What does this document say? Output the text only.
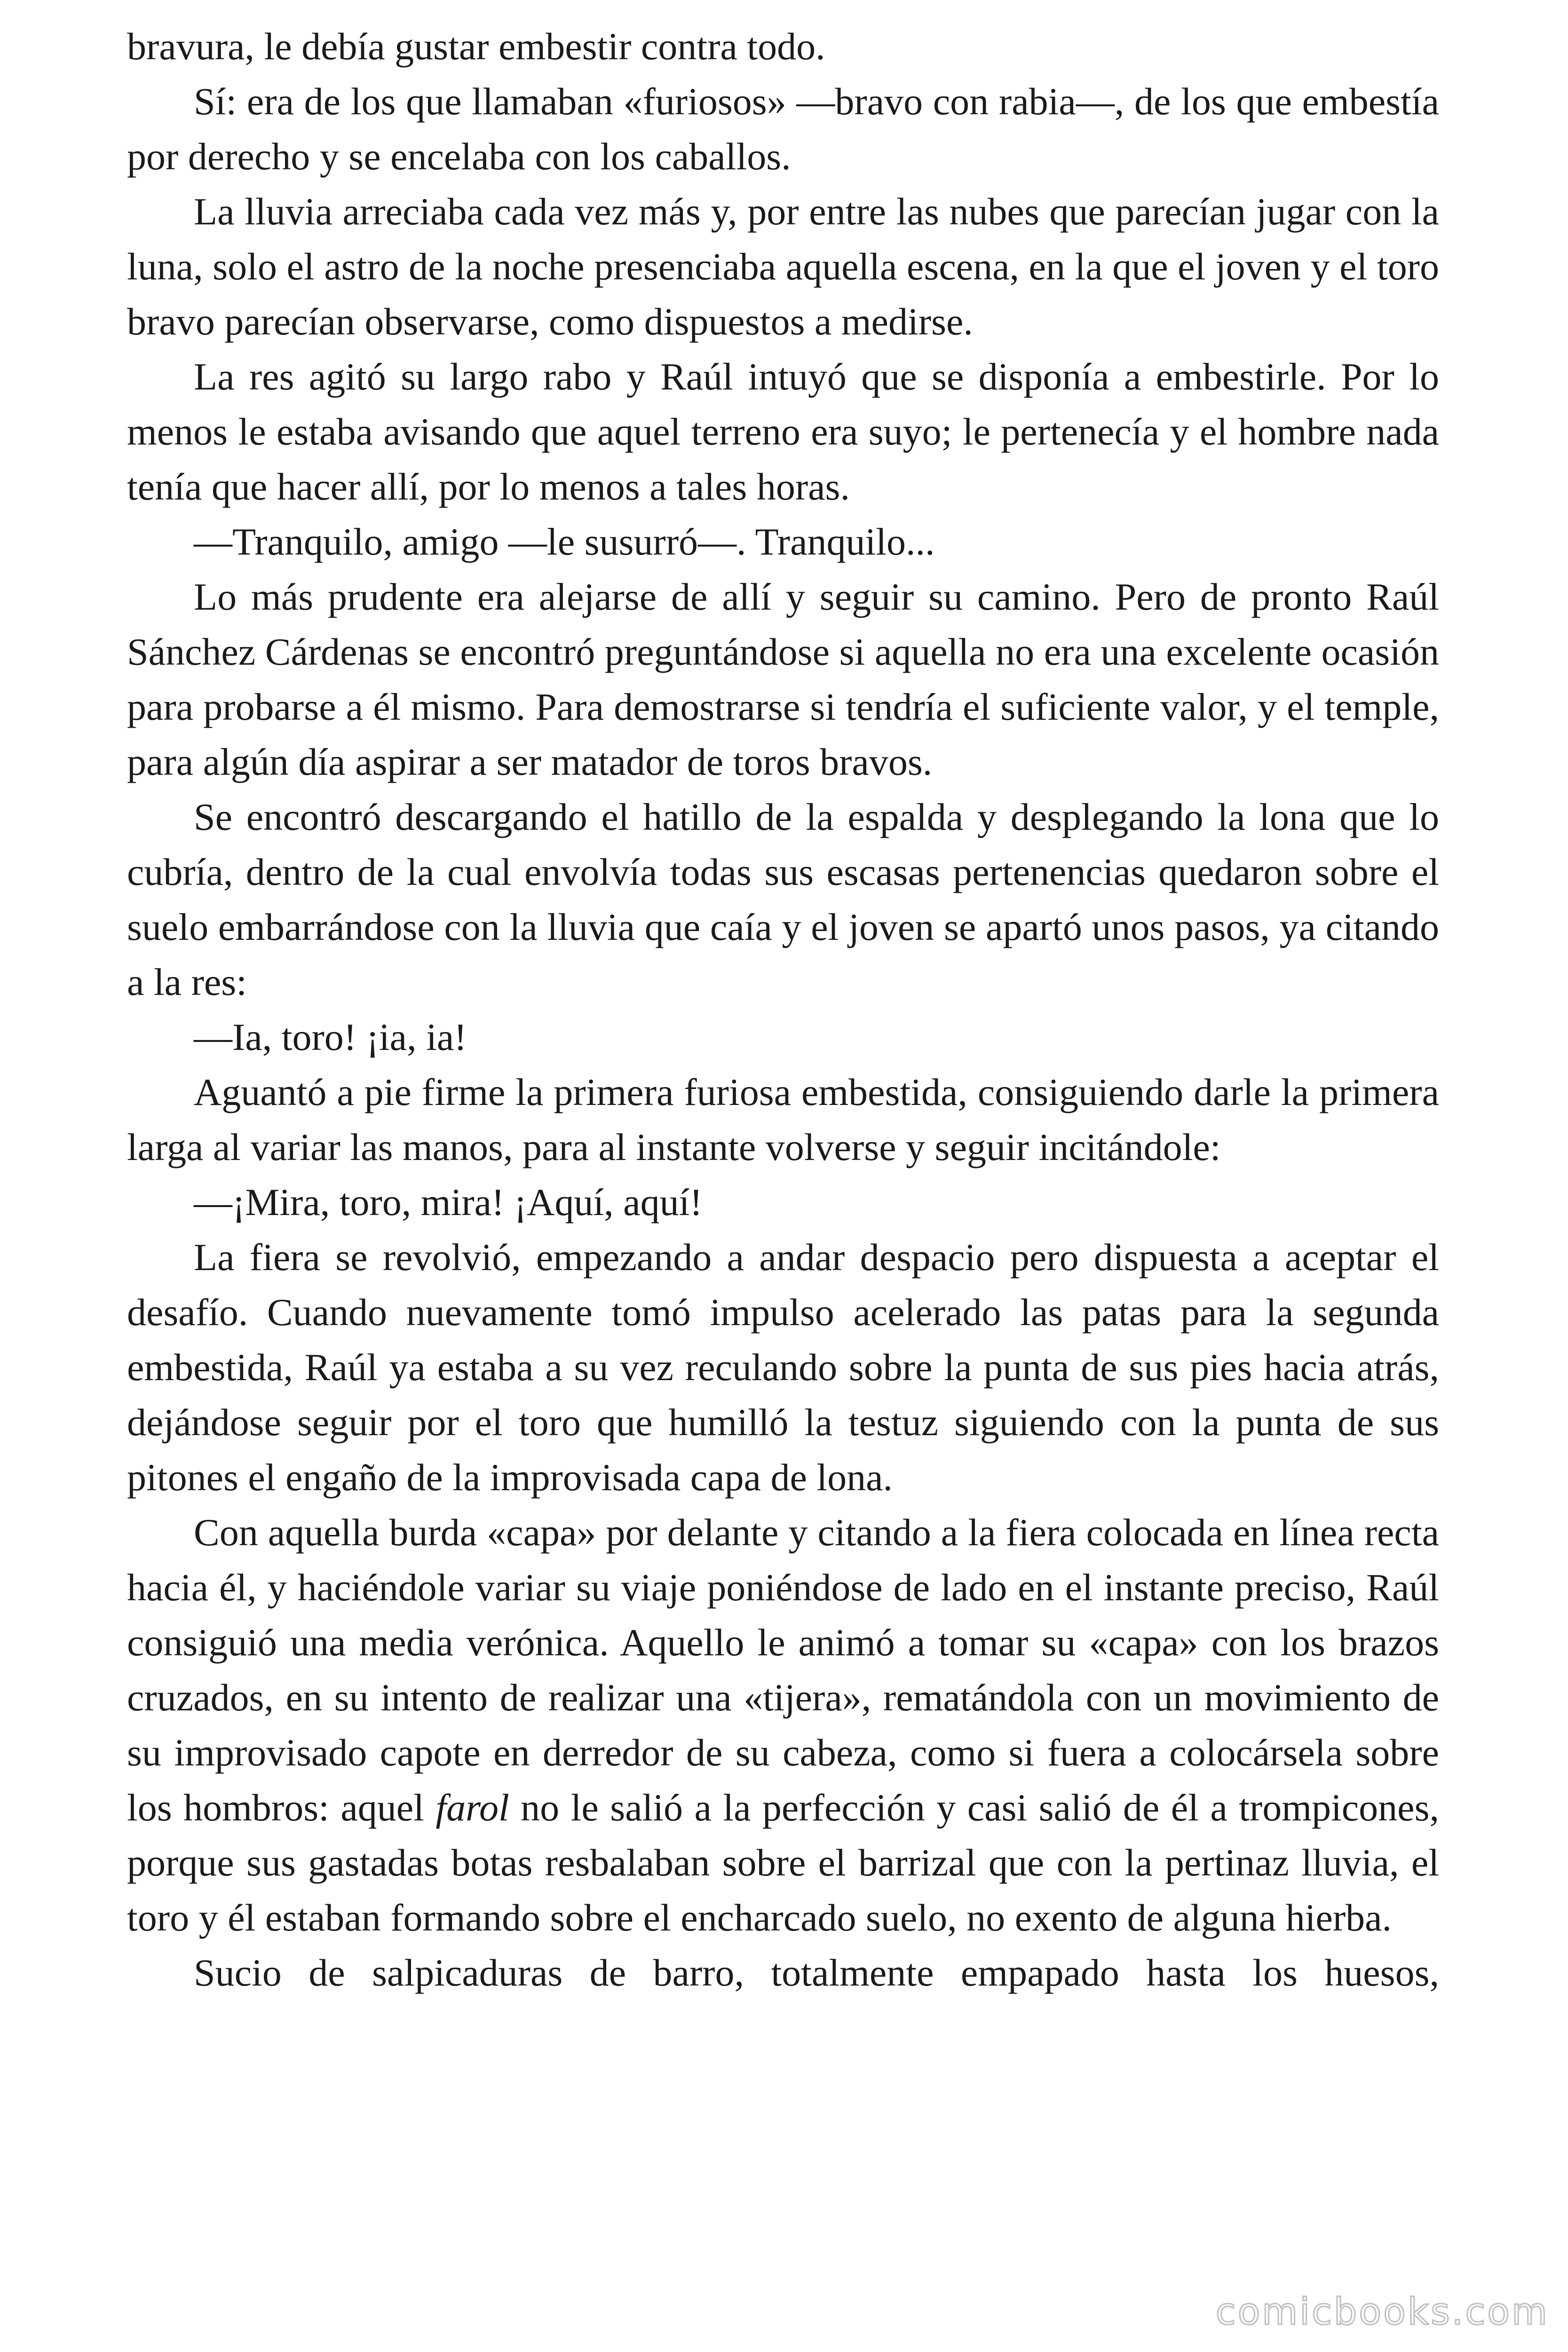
bravura, le debía gustar embestir contra todo.

Sí: era de los que llamaban «furiosos» —bravo con rabia—, de los que embestía por derecho y se encelaba con los caballos.

La lluvia arreciaba cada vez más y, por entre las nubes que parecían jugar con la luna, solo el astro de la noche presenciaba aquella escena, en la que el joven y el toro bravo parecían observarse, como dispuestos a medirse.

La res agitó su largo rabo y Raúl intuyó que se disponía a embestirle. Por lo menos le estaba avisando que aquel terreno era suyo; le pertenecía y el hombre nada tenía que hacer allí, por lo menos a tales horas.

—Tranquilo, amigo —le susurró—. Tranquilo...

Lo más prudente era alejarse de allí y seguir su camino. Pero de pronto Raúl Sánchez Cárdenas se encontró preguntándose si aquella no era una excelente ocasión para probarse a él mismo. Para demostrarse si tendría el suficiente valor, y el temple, para algún día aspirar a ser matador de toros bravos.

Se encontró descargando el hatillo de la espalda y desplegando la lona que lo cubría, dentro de la cual envolvía todas sus escasas pertenencias quedaron sobre el suelo embarrándose con la lluvia que caía y el joven se apartó unos pasos, ya citando a la res:

—Ia, toro! ¡ia, ia!

Aguantó a pie firme la primera furiosa embestida, consiguiendo darle la primera larga al variar las manos, para al instante volverse y seguir incitándole:

—¡Mira, toro, mira! ¡Aquí, aquí!

La fiera se revolvió, empezando a andar despacio pero dispuesta a aceptar el desafío. Cuando nuevamente tomó impulso acelerado las patas para la segunda embestida, Raúl ya estaba a su vez reculando sobre la punta de sus pies hacia atrás, dejándose seguir por el toro que humilló la testuz siguiendo con la punta de sus pitones el engaño de la improvisada capa de lona.

Con aquella burda «capa» por delante y citando a la fiera colocada en línea recta hacia él, y haciéndole variar su viaje poniéndose de lado en el instante preciso, Raúl consiguió una media verónica. Aquello le animó a tomar su «capa» con los brazos cruzados, en su intento de realizar una «tijera», rematándola con un movimiento de su improvisado capote en derredor de su cabeza, como si fuera a colocársela sobre los hombros: aquel farol no le salió a la perfección y casi salió de él a trompicones, porque sus gastadas botas resbalaban sobre el barrizal que con la pertinaz lluvia, el toro y él estaban formando sobre el encharcado suelo, no exento de alguna hierba.

Sucio de salpicaduras de barro, totalmente empapado hasta los huesos,

comicbooks.com
